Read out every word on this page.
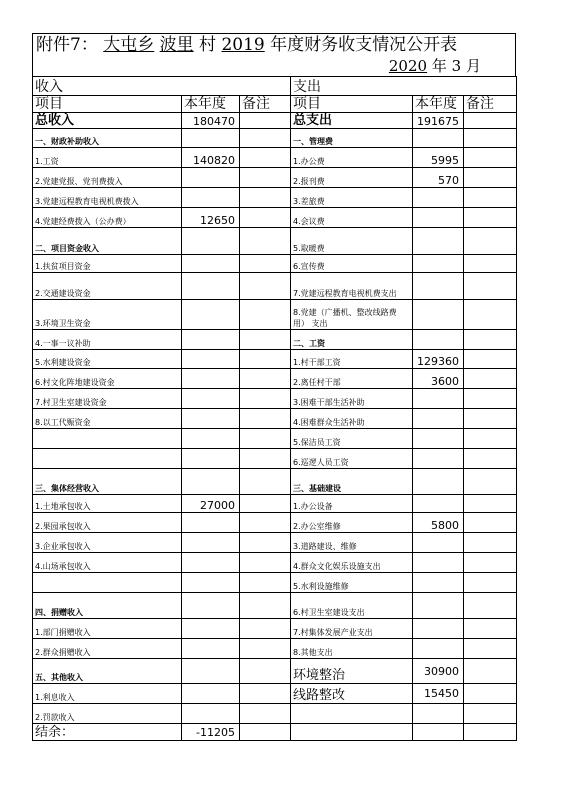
附件7： 大屯乡 波里 村 2019 年度财务收支情况公开表
2020 年 3 月
收入			支出		
项目	本年度	备注	项目	本年度	备注
总收入	180470		总支出	191675	
一、财政补助收入			一、管理费		
1.工资	140820		1.办公费	5995	
2.党建党报、党刊费拨入			2.报刊费	570	
3.党建远程教育电视机费拨入			3.差旅费		
4.党建经费拨入（公办费）	12650		4.会议费		
二、项目资金收入			5.取暖费		
1.扶贫项目资金			6.宣传费		
2.交通建设资金			7.党建远程教育电视机费支出		
3.环境卫生资金			8.党建（广播机、整改线路费用） 支出		
4.一事一议补助			二、工资		
5.水利建设资金			1.村干部工资	129360	
6.村文化阵地建设资金			2.离任村干部	3600	
7.村卫生室建设资金			3.困难干部生活补助		
8.以工代赈资金			4.困难群众生活补助		
			5.保洁员工资		
			6.巡逻人员工资		
三、集体经营收入			三、基础建设		
1.土地承包收入	27000		1.办公设备		
2.果园承包收入			2.办公室维修	5800	
3.企业承包收入			3.道路建设、维修		
4.山场承包收入			4.群众文化娱乐设施支出		
			5.水利设施维修		
四、捐赠收入			6.村卫生室建设支出		
1.部门捐赠收入			7.村集体发展产业支出		
2.群众捐赠收入			8.其他支出		
五、其他收入			环境整治	30900	
1.利息收入			线路整改	15450	
2.罚款收入					
结余：	-11205				
